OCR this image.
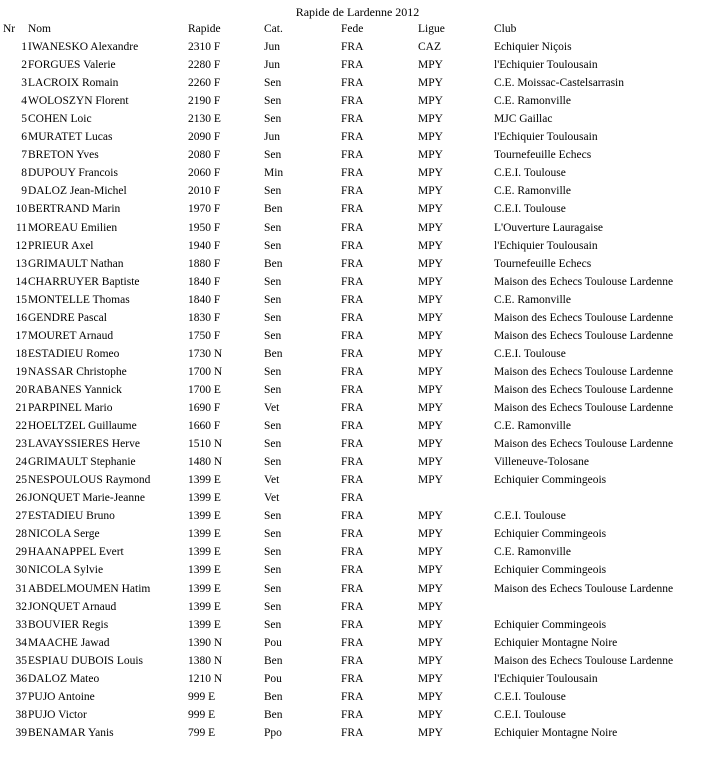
Rapide de Lardenne 2012
Nr	Nom	Rapide	Cat.	Fede	Ligue	Club
1 IWANESKO Alexandre	2310 F	Jun	FRA	CAZ	Echiquier Niçois
2 FORGUES Valerie	2280 F	Jun	FRA	MPY	l'Echiquier Toulousain
3 LACROIX Romain	2260 F	Sen	FRA	MPY	C.E. Moissac-Castelsarrasin
4 WOLOSZYN Florent	2190 F	Sen	FRA	MPY	C.E. Ramonville
5 COHEN Loic	2130 E	Sen	FRA	MPY	MJC Gaillac
6 MURATET Lucas	2090 F	Jun	FRA	MPY	l'Echiquier Toulousain
7 BRETON Yves	2080 F	Sen	FRA	MPY	Tournefeuille Echecs
8 DUPOUY Francois	2060 F	Min	FRA	MPY	C.E.I. Toulouse
9 DALOZ Jean-Michel	2010 F	Sen	FRA	MPY	C.E. Ramonville
10 BERTRAND Marin	1970 F	Ben	FRA	MPY	C.E.I. Toulouse
11 MOREAU Emilien	1950 F	Sen	FRA	MPY	L'Ouverture Lauragaise
12 PRIEUR Axel	1940 F	Sen	FRA	MPY	l'Echiquier Toulousain
13 GRIMAULT Nathan	1880 F	Ben	FRA	MPY	Tournefeuille Echecs
14 CHARRUYER Baptiste	1840 F	Sen	FRA	MPY	Maison des Echecs Toulouse Lardenne
15 MONTELLE Thomas	1840 F	Sen	FRA	MPY	C.E. Ramonville
16 GENDRE Pascal	1830 F	Sen	FRA	MPY	Maison des Echecs Toulouse Lardenne
17 MOURET Arnaud	1750 F	Sen	FRA	MPY	Maison des Echecs Toulouse Lardenne
18 ESTADIEU Romeo	1730 N	Ben	FRA	MPY	C.E.I. Toulouse
19 NASSAR Christophe	1700 N	Sen	FRA	MPY	Maison des Echecs Toulouse Lardenne
20 RABANES Yannick	1700 E	Sen	FRA	MPY	Maison des Echecs Toulouse Lardenne
21 PARPINEL Mario	1690 F	Vet	FRA	MPY	Maison des Echecs Toulouse Lardenne
22 HOELTZEL Guillaume	1660 F	Sen	FRA	MPY	C.E. Ramonville
23 LAVAYSSIERES Herve	1510 N	Sen	FRA	MPY	Maison des Echecs Toulouse Lardenne
24 GRIMAULT Stephanie	1480 N	Sen	FRA	MPY	Villeneuve-Tolosane
25 NESPOULOUS Raymond	1399 E	Vet	FRA	MPY	Echiquier Commingeois
26 JONQUET Marie-Jeanne	1399 E	Vet	FRA
27 ESTADIEU Bruno	1399 E	Sen	FRA	MPY	C.E.I. Toulouse
28 NICOLA Serge	1399 E	Sen	FRA	MPY	Echiquier Commingeois
29 HAANAPPEL Evert	1399 E	Sen	FRA	MPY	C.E. Ramonville
30 NICOLA Sylvie	1399 E	Sen	FRA	MPY	Echiquier Commingeois
31 ABDELMOUMEN Hatim	1399 E	Sen	FRA	MPY	Maison des Echecs Toulouse Lardenne
32 JONQUET Arnaud	1399 E	Sen	FRA	MPY
33 BOUVIER Regis	1399 E	Sen	FRA	MPY	Echiquier Commingeois
34 MAACHE Jawad	1390 N	Pou	FRA	MPY	Echiquier Montagne Noire
35 ESPIAU DUBOIS Louis	1380 N	Ben	FRA	MPY	Maison des Echecs Toulouse Lardenne
36 DALOZ Mateo	1210 N	Pou	FRA	MPY	l'Echiquier Toulousain
37 PUJO Antoine	999 E	Ben	FRA	MPY	C.E.I. Toulouse
38 PUJO Victor	999 E	Ben	FRA	MPY	C.E.I. Toulouse
39 BENAMAR Yanis	799 E	Ppo	FRA	MPY	Echiquier Montagne Noire
